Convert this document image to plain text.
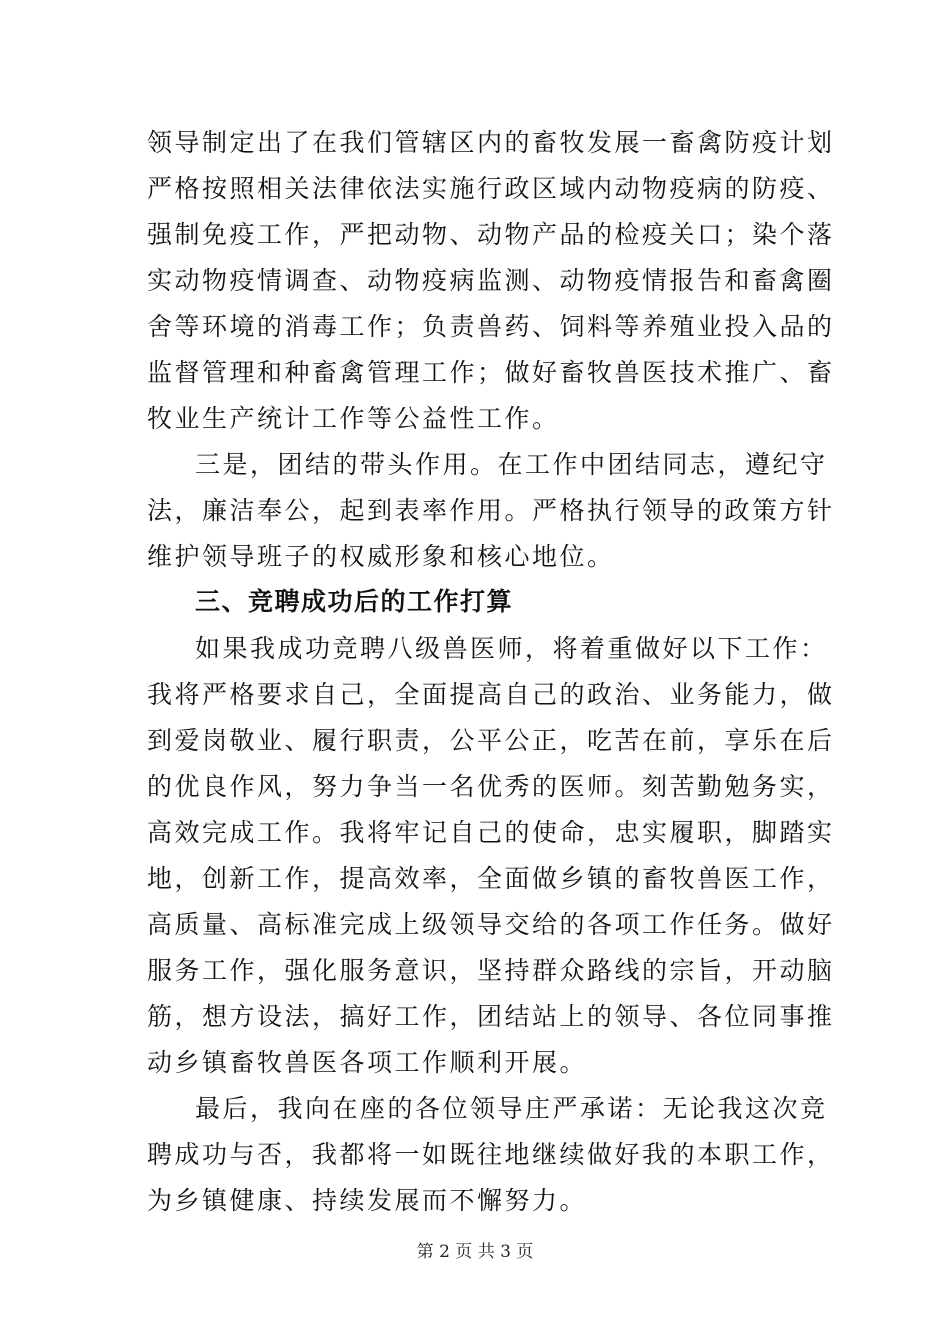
领导制定出了在我们管辖区内的畜牧发展一畜禽防疫计划
严格按照相关法律依法实施行政区域内动物疫病的防疫、
强制免疫工作，严把动物、动物产品的检疫关口；染个落
实动物疫情调查、动物疫病监测、动物疫情报告和畜禽圈
舍等环境的消毒工作；负责兽药、饲料等养殖业投入品的
监督管理和种畜禽管理工作；做好畜牧兽医技术推广、畜
牧业生产统计工作等公益性工作。
三是，团结的带头作用。在工作中团结同志，遵纪守
法，廉洁奉公，起到表率作用。严格执行领导的政策方针
维护领导班子的权威形象和核心地位。
三、竞聘成功后的工作打算
如果我成功竞聘八级兽医师，将着重做好以下工作：
我将严格要求自己，全面提高自己的政治、业务能力，做
到爱岗敬业、履行职责，公平公正，吃苦在前，享乐在后
的优良作风，努力争当一名优秀的医师。刻苦勤勉务实，
高效完成工作。我将牢记自己的使命，忠实履职，脚踏实
地，创新工作，提高效率，全面做乡镇的畜牧兽医工作，
高质量、高标准完成上级领导交给的各项工作任务。做好
服务工作，强化服务意识，坚持群众路线的宗旨，开动脑
筋，想方设法，搞好工作，团结站上的领导、各位同事推
动乡镇畜牧兽医各项工作顺利开展。
最后，我向在座的各位领导庄严承诺：无论我这次竞
聘成功与否，我都将一如既往地继续做好我的本职工作，
为乡镇健康、持续发展而不懈努力。
第 2 页 共 3 页
